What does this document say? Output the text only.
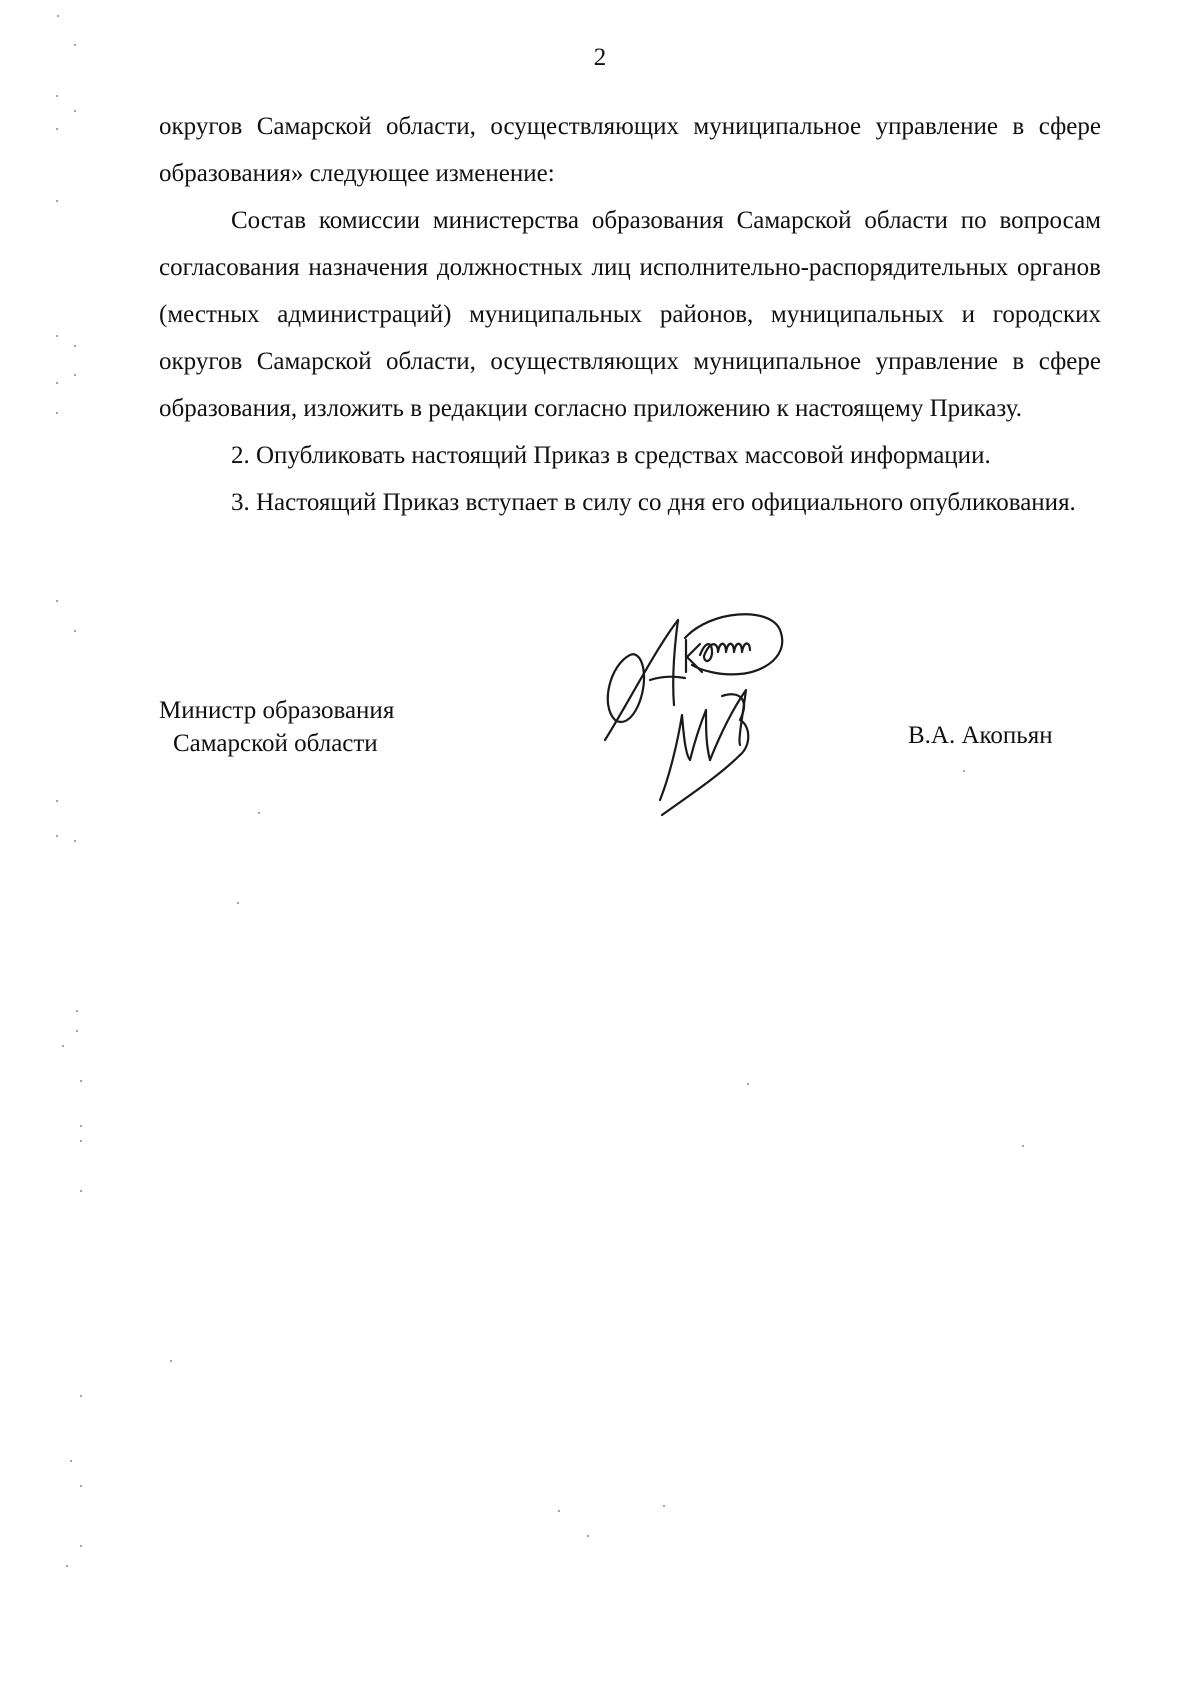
2

округов Самарской области, осуществляющих муниципальное управление в сфере образования» следующее изменение:

Состав комиссии министерства образования Самарской области по вопросам согласования назначения должностных лиц исполнительно-распорядительных органов (местных администраций) муниципальных районов, муниципальных и городских округов Самарской области, осуществляющих муниципальное управление в сфере образования, изложить в редакции согласно приложению к настоящему Приказу.

2. Опубликовать настоящий Приказ в средствах массовой информации.

3. Настоящий Приказ вступает в силу со дня его официального опубликования.

Министр образования
Самарской области	В.А. Акопьян
